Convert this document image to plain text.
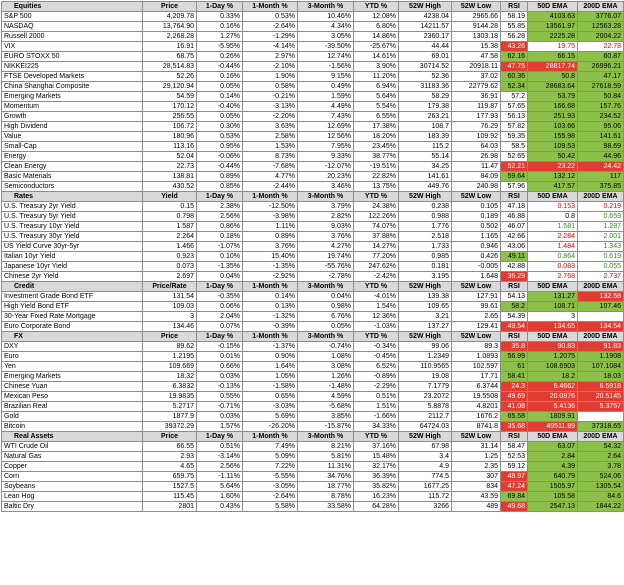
Equities	Price	1-Day %	1-Month %	3-Month %	YTD %	52W High	52W Low	RSI	50D EMA	200D EMA
S&P 500	4,209.78	0.33%	0.53%	10.46%	12.08%	4238.04	2965.66	58.19	4103.63	3776.07
NASDAQ	13,764.90	0.16%	-2.64%	4.34%	6.80%	14211.57	9144.28	55.85	13561.97	12563.28
Russell 2000	2,268.28	1.27%	-1.29%	3.05%	14.86%	2360.17	1303.18	56.28	2225.28	2004.22
VIX	16.91	-5.95%	-4.14%	-39.50%	-25.67%	44.44	15.38	43.26	19.75	22.78
EURO STOXX 50	68.75	0.26%	2.97%	12.74%	14.61%	69.01	47.58	62.16	66.15	60.87
NIKKEI225	28,514.83	-0.44%	-2.10%	-1.56%	3.90%	30714.52	20918.11	47.75	28817.74	26996.21
FTSE Developed Markets	52.26	0.16%	1.90%	9.15%	11.20%	52.36	37.02	60.36	50.8	47.17
China Shanghai Composite	29,120.94	0.05%	0.58%	0.49%	6.94%	31183.36	22779.62	52.34	28683.64	27618.59
Emerging Markets	54.59	0.14%	-0.21%	1.59%	5.64%	58.29	36.91	57.2	53.79	50.84
Momentum	170.12	-0.40%	-3.13%	4.49%	5.54%	179.38	119.87	57.65	166.68	157.76
Growth	256.55	0.05%	-2.20%	7.43%	6.55%	263.21	177.93	56.13	251.93	234.52
High Dividend	106.72	0.30%	3.63%	12.69%	17.38%	108.7	76.29	57.82	103.66	95.06
Value	180.96	0.53%	2.58%	12.56%	18.20%	183.39	109.92	59.35	155.98	141.61
Small-Cap	113.16	0.95%	1.53%	7.95%	23.45%	115.2	64.03	58.5	109.53	98.69
Energy	52.04	-0.06%	8.73%	9.33%	38.77%	55.14	26.98	52.65	50.42	44.96
Clean Energy	22.73	-0.44%	-7.68%	-12.07%	-19.51%	34.25	11.47	52.21	23.22	24.42
Basic Materials	138.81	0.89%	4.77%	20.23%	22.82%	141.61	84.09	59.64	132.12	117
Semiconductors	430.52	0.85%	-2.44%	3.46%	13.75%	449.76	240.98	57.96	417.57	375.85
Rates	Yield	1-Day %	1-Month %	3-Month %	YTD %	52W High	52W Low	RSI	50D EMA	200D EMA
U.S. Treasury 2yr Yield	0.15	2.38%	-12.50%	3.79%	24.38%	0.238	0.105	47.18	0.153	0.219
U.S. Treasury 5yr Yield	0.798	2.56%	-3.98%	2.82%	122.26%	0.988	0.189	46.88	0.8	0.659
U.S. Treasury 10yr Yield	1.587	0.86%	1.11%	9.03%	74.07%	1.776	0.502	46.07	1.581	1.287
U.S. Treasury 30yr Yield	2.264	0.18%	0.89%	3.76%	37.88%	2.518	1.165	42.66	2.284	2.001
US Yield Curve 30yr-5yr	1.466	-1.07%	3.76%	4.27%	14.27%	1.733	0.946	43.06	1.484	1.343
Italian 10yr Yield	0.923	0.10%	15.40%	19.74%	77.20%	0.985	0.426	49.11	0.864	0.619
Japanese 10yr Yield	0.073	-1.35%	-1.35%	-55.76%	247.62%	0.181	-0.005	42.88	0.083	0.055
Chinese 2yr Yield	2.697	0.04%	-2.92%	-2.78%	-2.42%	3.195	1.648	36.29	2.768	2.737
Credit	Price/Rate	1-Day %	1-Month %	3-Month %	YTD %	52W High	52W Low	RSI	50D EMA	200D EMA
Investment Grade Bond ETF	131.54	-0.35%	0.14%	0.04%	-4.01%	139.38	127.91	54.13	131.27	132.58
High Yield Bond ETF	109.03	0.06%	0.13%	0.98%	1.54%	109.65	99.61	58.2	108.71	107.46
30-Year Fixed Rate Mortgage	3	2.04%	-1.32%	6.76%	12.36%	3.21	2.65	54.39	3	
Euro Corporate Bond	134.46	0.07%	-0.39%	0.05%	-1.03%	137.27	129.41	49.54	134.65	134.54
FX	Price	1-Day %	1-Month %	3-Month %	YTD %	52W High	52W Low	RSI	50D EMA	200D EMA
DXY	89.62	-0.15%	-1.37%	-0.74%	-0.34%	99.06	89.3	35.8	90.83	91.83
Euro	1.2195	0.01%	0.90%	1.08%	-0.45%	1.2349	1.0893	56.99	1.2075	1.1908
Yen	109.669	0.66%	1.64%	3.08%	6.52%	110.9565	102.597	61	108.6903	107.1084
Emerging Markets	18.32	0.03%	1.05%	1.26%	-0.89%	19.08	17.71	58.41	18.2	18.03
Chinese Yuan	6.3832	-0.13%	-1.58%	-1.48%	-2.29%	7.1779	6.3744	24.3	6.4662	6.5918
Mexican Peso	19.9835	0.55%	0.65%	4.59%	0.51%	23.2072	19.5508	49.69	20.0876	20.5145
Brazilian Real	5.2717	-0.71%	-3.03%	-5.68%	1.51%	5.8878	4.8201	41.08	5.4136	5.3757
Gold	1877.9	0.03%	5.69%	3.85%	-1.66%	2112.7	1676.2	65.58	1809.91	
Bitcoin	39372.29	1.57%	-26.20%	-15.87%	34.33%	64724.03	8741.8	35.68	49511.89	37318.65
Real Assets	Price	1-Day %	1-Month %	3-Month %	YTD %	52W High	52W Low	RSI	50D EMA	200D EMA
WTI Crude Oil	66.55	0.51%	7.49%	8.21%	37.16%	67.98	31.14	58.47	63.07	54.32
Natural Gas	2.93	-3.14%	5.09%	5.81%	15.48%	3.4	1.25	52.53	2.84	2.64
Copper	4.65	2.56%	7.22%	11.31%	32.17%	4.9	2.35	59.12	4.39	3.78
Corn	659.75	-1.11%	-5.55%	34.76%	36.39%	774.5	307	48.97	640.79	524.06
Soybeans	1527.5	5.64%	-3.05%	18.77%	35.82%	1677.25	834	47.24	1505.97	1305.54
Lean Hog	115.45	1.60%	-2.64%	8.78%	16.23%	115.72	43.59	69.84	105.58	84.6
Baltic Dry	2801	0.43%	5.58%	33.58%	64.28%	3266	489	49.68	2547.13	1844.22
